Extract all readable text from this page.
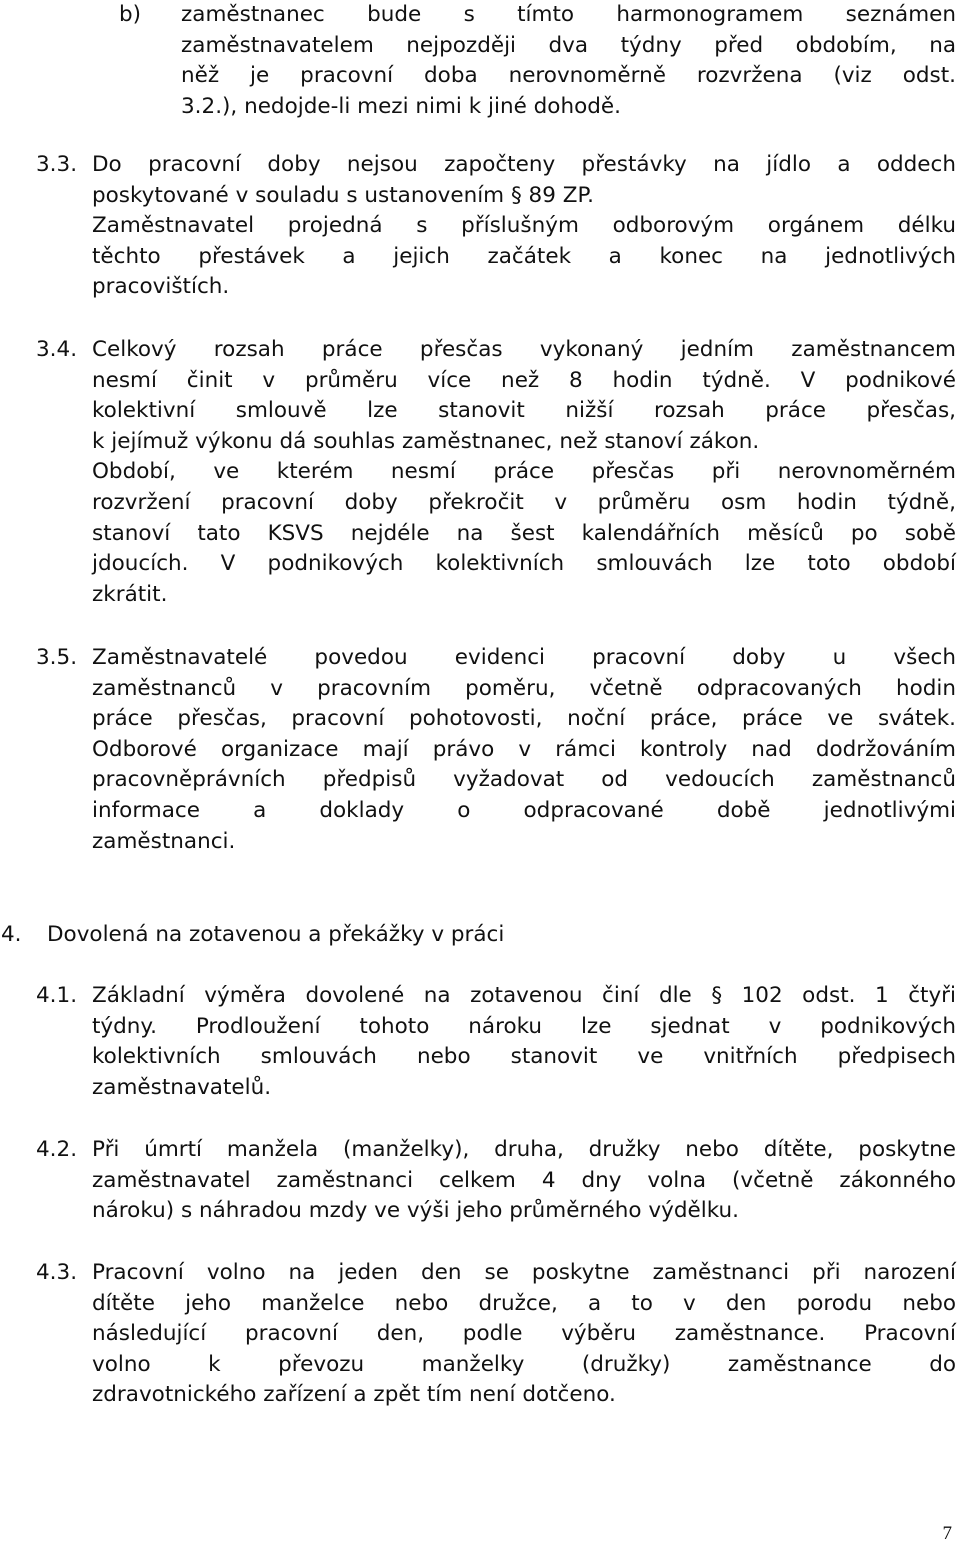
b) zaměstnanec bude s tímto harmonogramem seznámen
zaměstnavatelem nejpozději dva týdny před obdobím, na
něž je pracovní doba nerovnoměrně rozvržena (viz odst.
3.2.), nedojde-li mezi nimi k jiné dohodě.
3.3. Do pracovní doby nejsou započteny přestávky na jídlo a oddech
poskytované v souladu s ustanovením § 89 ZP.
Zaměstnavatel projedná s příslušným odborovým orgánem délku
těchto přestávek a jejich začátek a konec na jednotlivých
pracovištích.
3.4. Celkový rozsah práce přesčas vykonaný jedním zaměstnancem
nesmí činit v průměru více než 8 hodin týdně. V podnikové
kolektivní smlouvě lze stanovit nižší rozsah práce přesčas,
k jejímuž výkonu dá souhlas zaměstnanec, než stanoví zákon.
Období, ve kterém nesmí práce přesčas při nerovnoměrném
rozvržení pracovní doby překročit v průměru osm hodin týdně,
stanoví tato KSVS nejdéle na šest kalendářních měsíců po sobě
jdoucích. V podnikových kolektivních smlouvách lze toto období
zkrátit.
3.5. Zaměstnavatelé povedou evidenci pracovní doby u všech
zaměstnanců v pracovním poměru, včetně odpracovaných hodin
práce přesčas, pracovní pohotovosti, noční práce, práce ve svátek.
Odborové organizace mají právo v rámci kontroly nad dodržováním
pracovněprávních předpisů vyžadovat od vedoucích zaměstnanců
informace a doklady o odpracované době jednotlivými
zaměstnanci.
4. Dovolená na zotavenou a překážky v práci
4.1. Základní výměra dovolené na zotavenou činí dle § 102 odst. 1 čtyři
týdny. Prodloužení tohoto nároku lze sjednat v podnikových
kolektivních smlouvách nebo stanovit ve vnitřních předpisech
zaměstnavatelů.
4.2. Při úmrtí manžela (manželky), druha, družky nebo dítěte, poskytne
zaměstnavatel zaměstnanci celkem 4 dny volna (včetně zákonného
nároku) s náhradou mzdy ve výši jeho průměrného výdělku.
4.3. Pracovní volno na jeden den se poskytne zaměstnanci při narození
dítěte jeho manželce nebo družce, a to v den porodu nebo
následující pracovní den, podle výběru zaměstnance. Pracovní
volno k převozu manželky (družky) zaměstnance do
zdravotnického zařízení a zpět tím není dotčeno.
7
